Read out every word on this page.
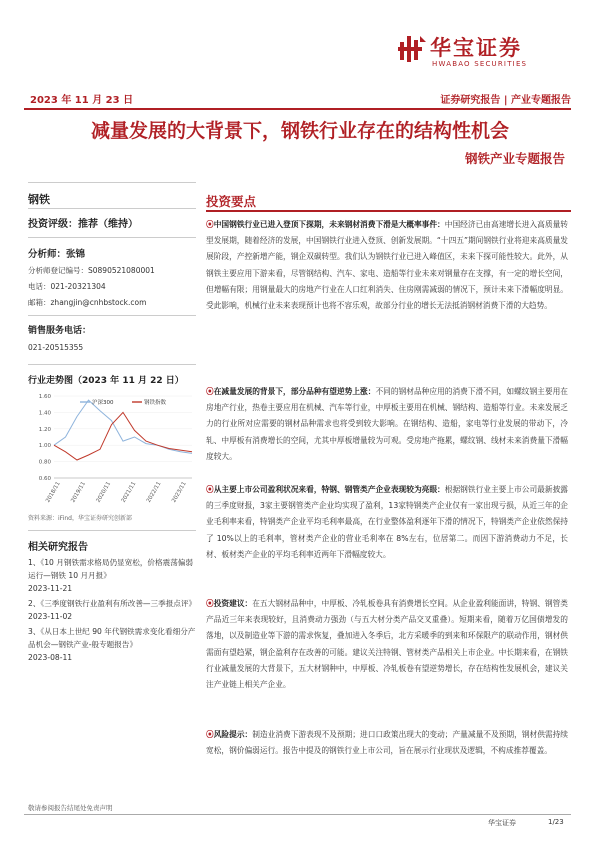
华宝证券
HWABAO SECURITIES
2023 年 11 月 23 日	证券研究报告 | 产业专题报告
减量发展的大背景下，钢铁行业存在的结构性机会
钢铁产业专题报告
钢铁
投资评级：推荐（维持）
分析师：张锦
分析师登记编号：S0890521080001
电话：021-20321304
邮箱：zhangjin@cnhbstock.com
销售服务电话：
021-20515355
行业走势图（2023 年 11 月 22 日）
1.60
1.40
1.20
1.00
0.80
0.60
2018/11 2019/11 2020/11 2021/11 2022/11 2023/11
沪深300	钢铁指数
资料来源：iFind，华宝证券研究创新部
相关研究报告
1、《10 月钢铁需求格局仍显宽松，价格震荡偏弱运行—钢铁 10 月月报》
2023-11-21
2、《三季度钢铁行业盈利有所改善—三季报点评》
2023-11-02
3、《从日本上世纪 90 年代钢铁需求变化看细分产品机会—钢铁产业-般专题报告》
2023-08-11
投资要点
⦿中国钢铁行业已进入登顶下探期，未来钢材消费下滑是大概率事件：中国经济已由高速增长进入高质量转型发展期，随着经济的发展，中国钢铁行业进入登顶、创新发展期。“十四五”期间钢铁行业将迎来高质量发展阶段，产控新增产能，钢企双碳转型。我们认为钢铁行业已进入峰值区，未来下探可能性较大。此外，从钢铁主要应用下游来看，尽管钢结构、汽车、家电、造船等行业未来对钢量存在支撑，有一定的增长空间，但增幅有限；用钢量最大的房地产行业在人口红利消失、住房刚需减弱的情况下，预计未来下滑幅度明显。受此影响，机械行业未来表现预计也将不容乐观，故部分行业的增长无法抵消钢材消费下滑的大趋势。
⦿在减量发展的背景下，部分品种有望逆势上涨：不同的钢材品种应用的消费下滑不同，如螺纹钢主要用在房地产行业，热卷主要应用在机械、汽车等行业，中厚板主要用在机械、钢结构、造船等行业。未来发展乏力的行业所对应需要的钢材品种需求也将受到较大影响。在钢结构、造船，家电等行业发展的带动下，冷轧、中厚板有消费增长的空间，尤其中厚板增量较为可观。受房地产拖累，螺纹钢、线材未来消费量下滑幅度较大。
⦿从主要上市公司盈利状况来看，特钢、钢管类产企业表现较为亮眼：根据钢铁行业主要上市公司最新披露的三季度财报，3家主要钢管类产企业均实现了盈利，13家特钢类产企业仅有一家出现亏损，从近三年的企业毛利率来看，特钢类产企业平均毛利率最高，在行业整体盈利逐年下滑的情况下，特钢类产企业依然保持了 10%以上的毛利率，管材类产企业的营业毛利率在 8%左右，位居第二。而因下游消费动力不足，长材、板材类产企业的平均毛利率近两年下滑幅度较大。
⦿投资建议：在五大钢材品种中，中厚板、冷轧板卷具有消费增长空间。从企业盈利能面讲，特钢、钢管类产品近三年来表现较好，且消费动力强劲（与五大材分类产品交叉重叠）。短期来看，随着万亿国债增发的落地，以及制造业等下游的需求恢复，叠加进入冬季后，北方采暖季的到来和环保限产的联动作用，钢材供需面有望趋紧，钢企盈利存在改善的可能。建议关注特钢、管材类产品相关上市企业。中长期来看，在钢铁行业减量发展的大背景下，五大材钢种中，中厚板、冷轧板卷有望逆势增长，存在结构性发展机会，建议关注产业链上相关产企业。
⦿风险提示：制造业消费下游表现不及预期；进口口政策出现大的变动；产量减量不及预期，钢材供需持续宽松，钢价偏弱运行。报告中提及的钢铁行业上市公司，旨在展示行业现状及逻辑，不构成推荐覆盖。
敬请参阅报告结尾处免责声明
华宝证券	1/23
